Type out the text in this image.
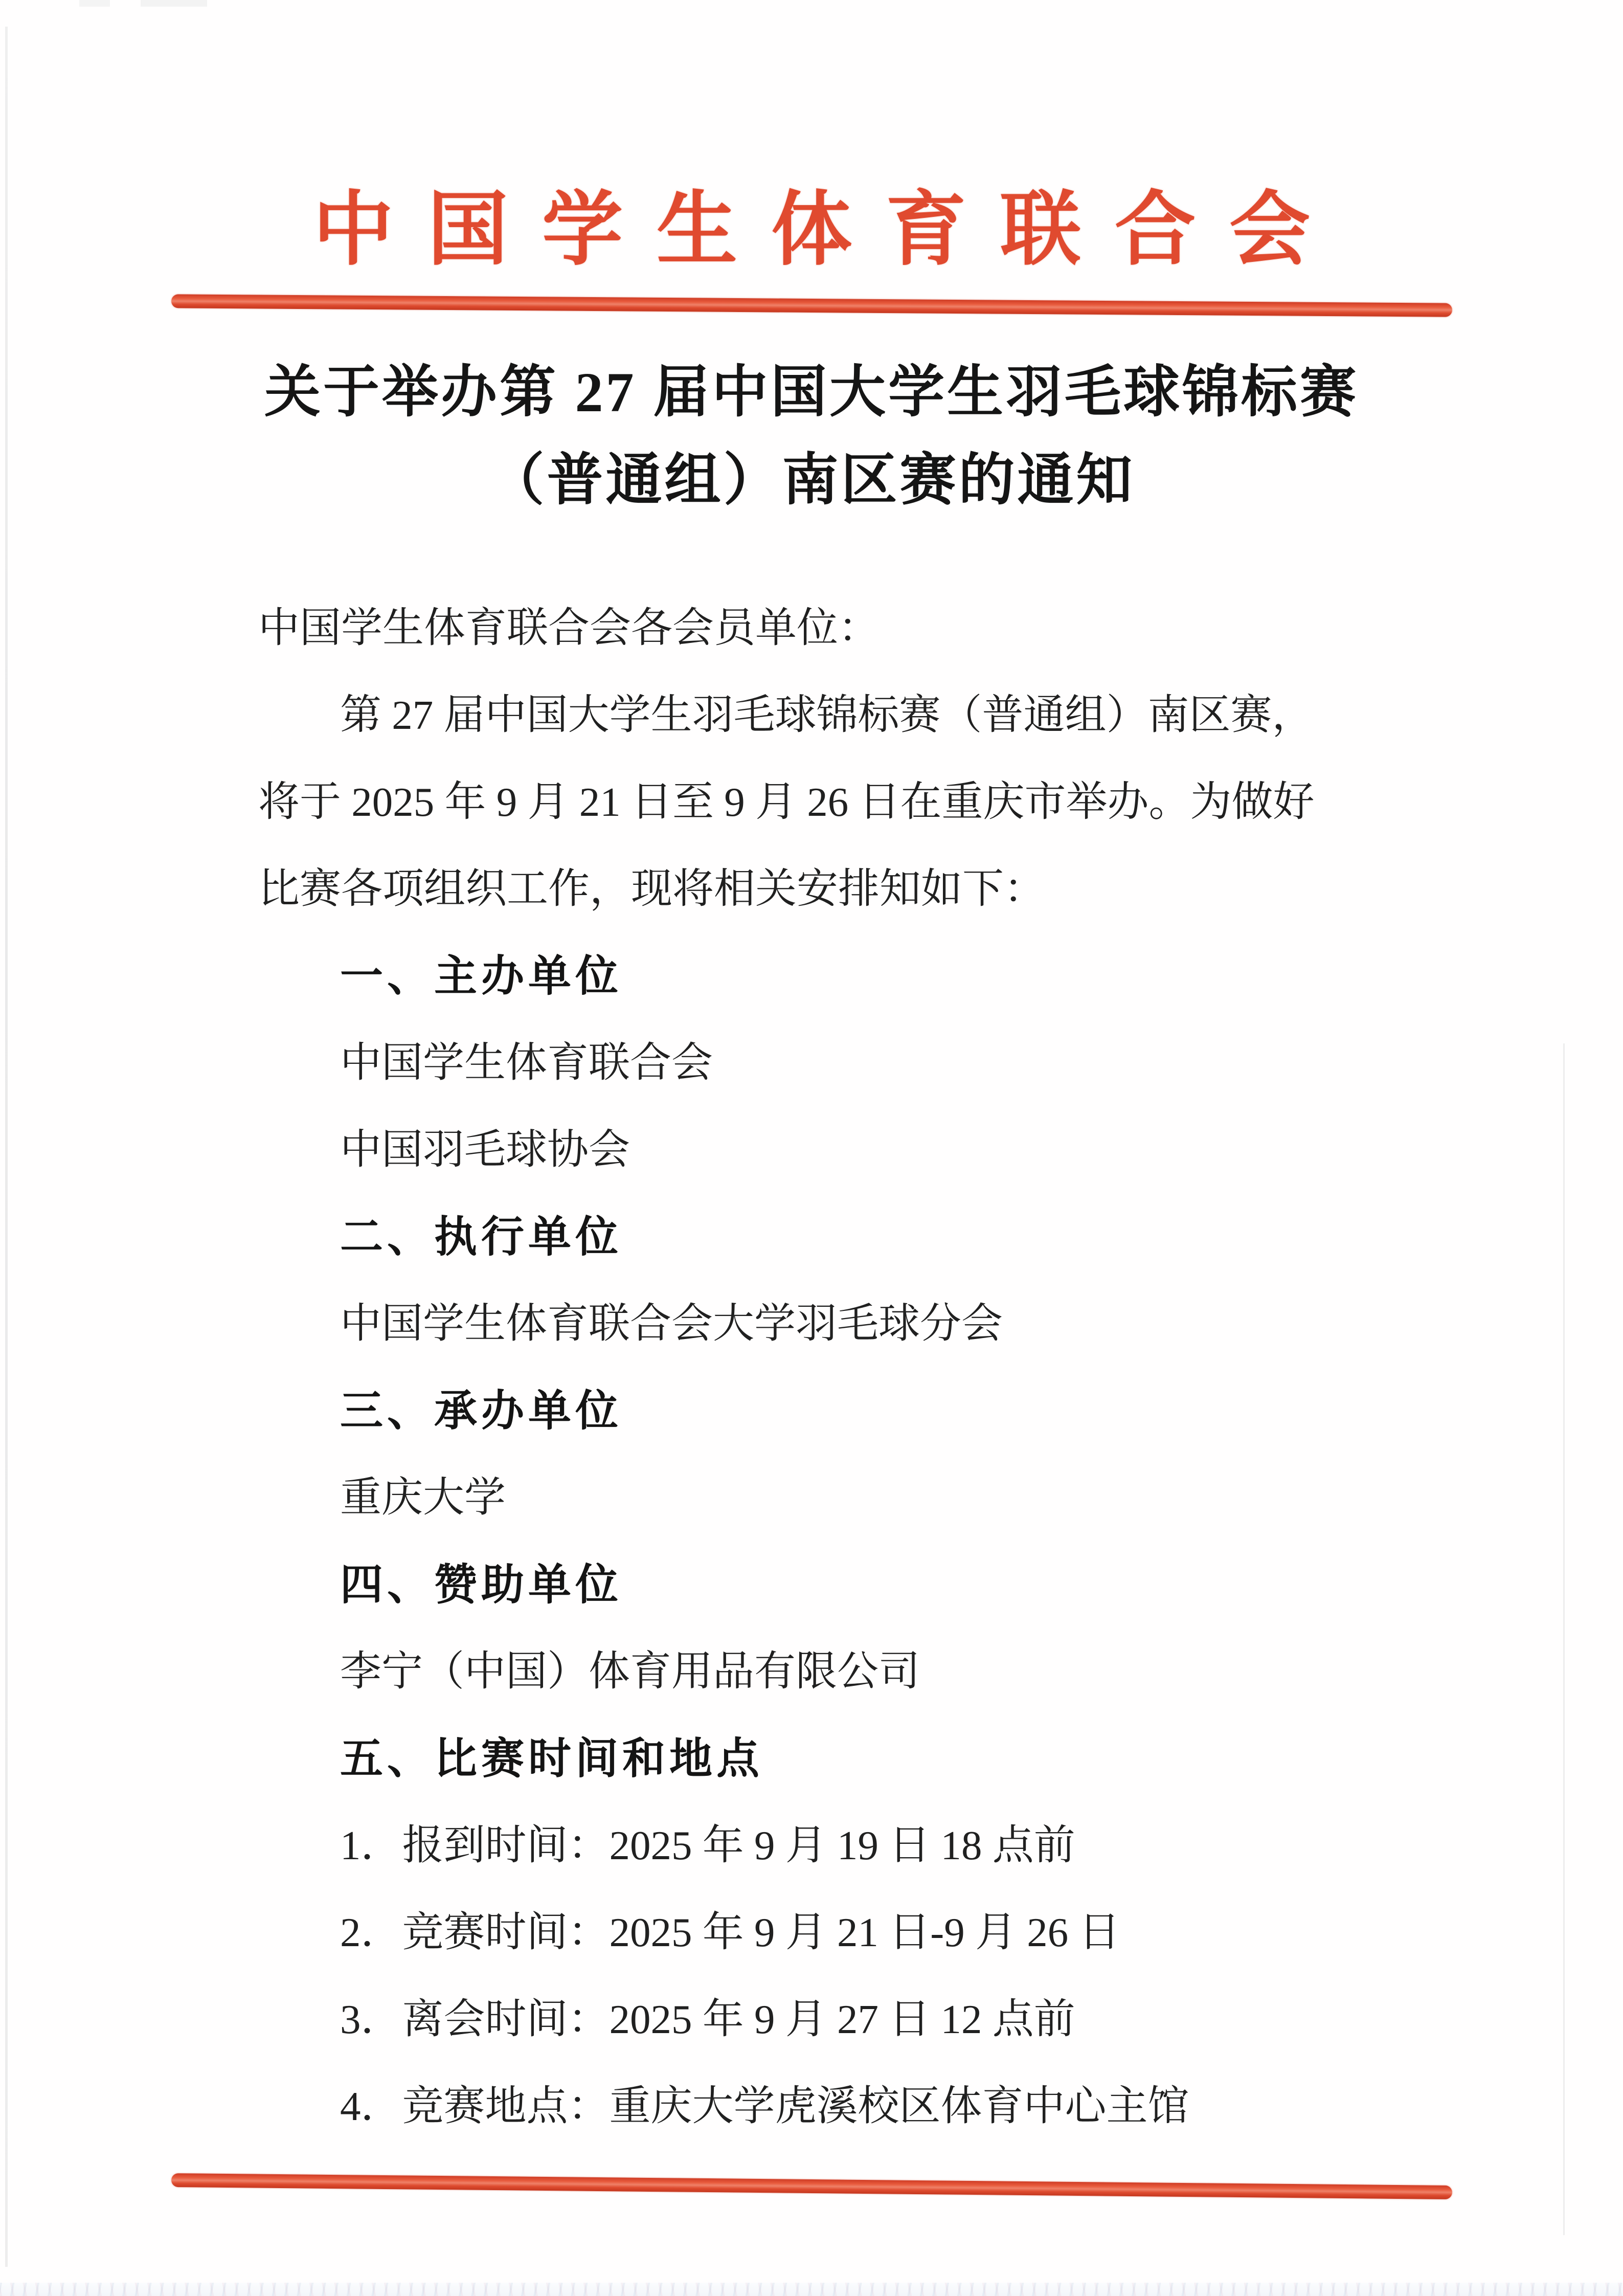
中国学生体育联合会
关于举办第 27 届中国大学生羽毛球锦标赛
（普通组）南区赛的通知

中国学生体育联合会各会员单位：

第 27 届中国大学生羽毛球锦标赛（普通组）南区赛，

将于 2025 年 9 月 21 日至 9 月 26 日在重庆市举办。为做好

比赛各项组织工作，现将相关安排知如下：

一、主办单位

中国学生体育联合会

中国羽毛球协会

二、执行单位

中国学生体育联合会大学羽毛球分会

三、承办单位

重庆大学

四、赞助单位

李宁（中国）体育用品有限公司

五、比赛时间和地点

1．报到时间：2025 年 9 月 19 日 18 点前

2．竞赛时间：2025 年 9 月 21 日-9 月 26 日

3．离会时间：2025 年 9 月 27 日 12 点前

4．竞赛地点：重庆大学虎溪校区体育中心主馆
